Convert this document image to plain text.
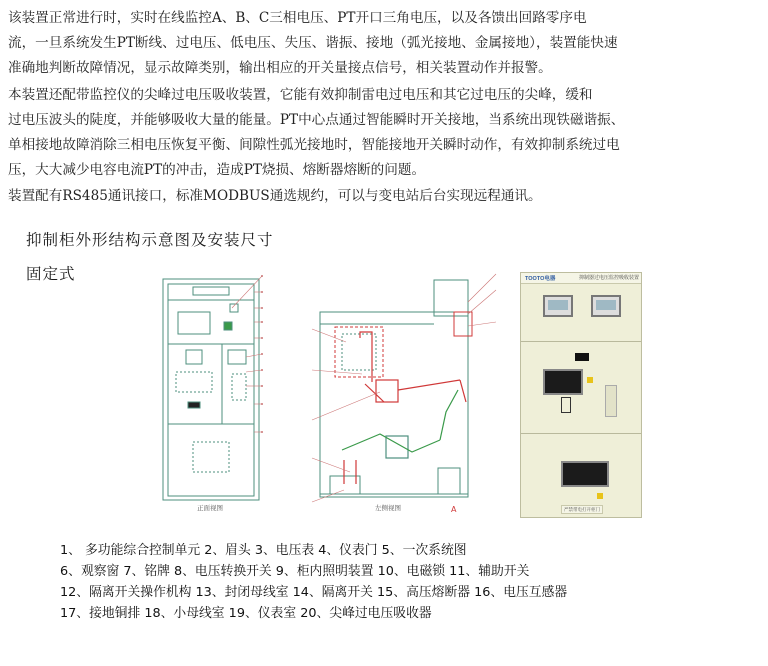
该装置正常进行时，实时在线监控A、B、C三相电压、PT开口三角电压，以及各馈出回路零序电
流，一旦系统发生PT断线、过电压、低电压、失压、谐振、接地（弧光接地、金属接地），装置能快速
准确地判断故障情况，显示故障类别，输出相应的开关量接点信号，相关装置动作并报警。
本装置还配带监控仪的尖峰过电压吸收装置，它能有效抑制雷电过电压和其它过电压的尖峰，缓和
过电压波头的陡度，并能够吸收大量的能量。PT中心点通过智能瞬时开关接地，当系统出现铁磁谐振、
单相接地故障消除三相电压恢复平衡、间隙性弧光接地时，智能接地开关瞬时动作，有效抑制系统过电
压，大大减少电容电流PT的冲击，造成PT烧损、熔断器熔断的问题。
装置配有RS485通讯接口，标准MODBUS通选规约，可以与变电站后台实现远程通讯。
抑制柜外形结构示意图及安装尺寸
固定式
正面视图	左侧视图	A
TOOTO电器	抑制器过电压监控吸收装置
严禁带电打开柜门
1、 多功能综合控制单元 2、眉头 3、电压表 4、仪表门 5、一次系统图
6、观察窗 7、铭牌 8、电压转换开关 9、柜内照明装置 10、电磁锁 11、辅助开关
12、隔离开关操作机构 13、封闭母线室 14、隔离开关 15、高压熔断器 16、电压互感器
17、接地铜排 18、小母线室 19、仪表室 20、尖峰过电压吸收器
